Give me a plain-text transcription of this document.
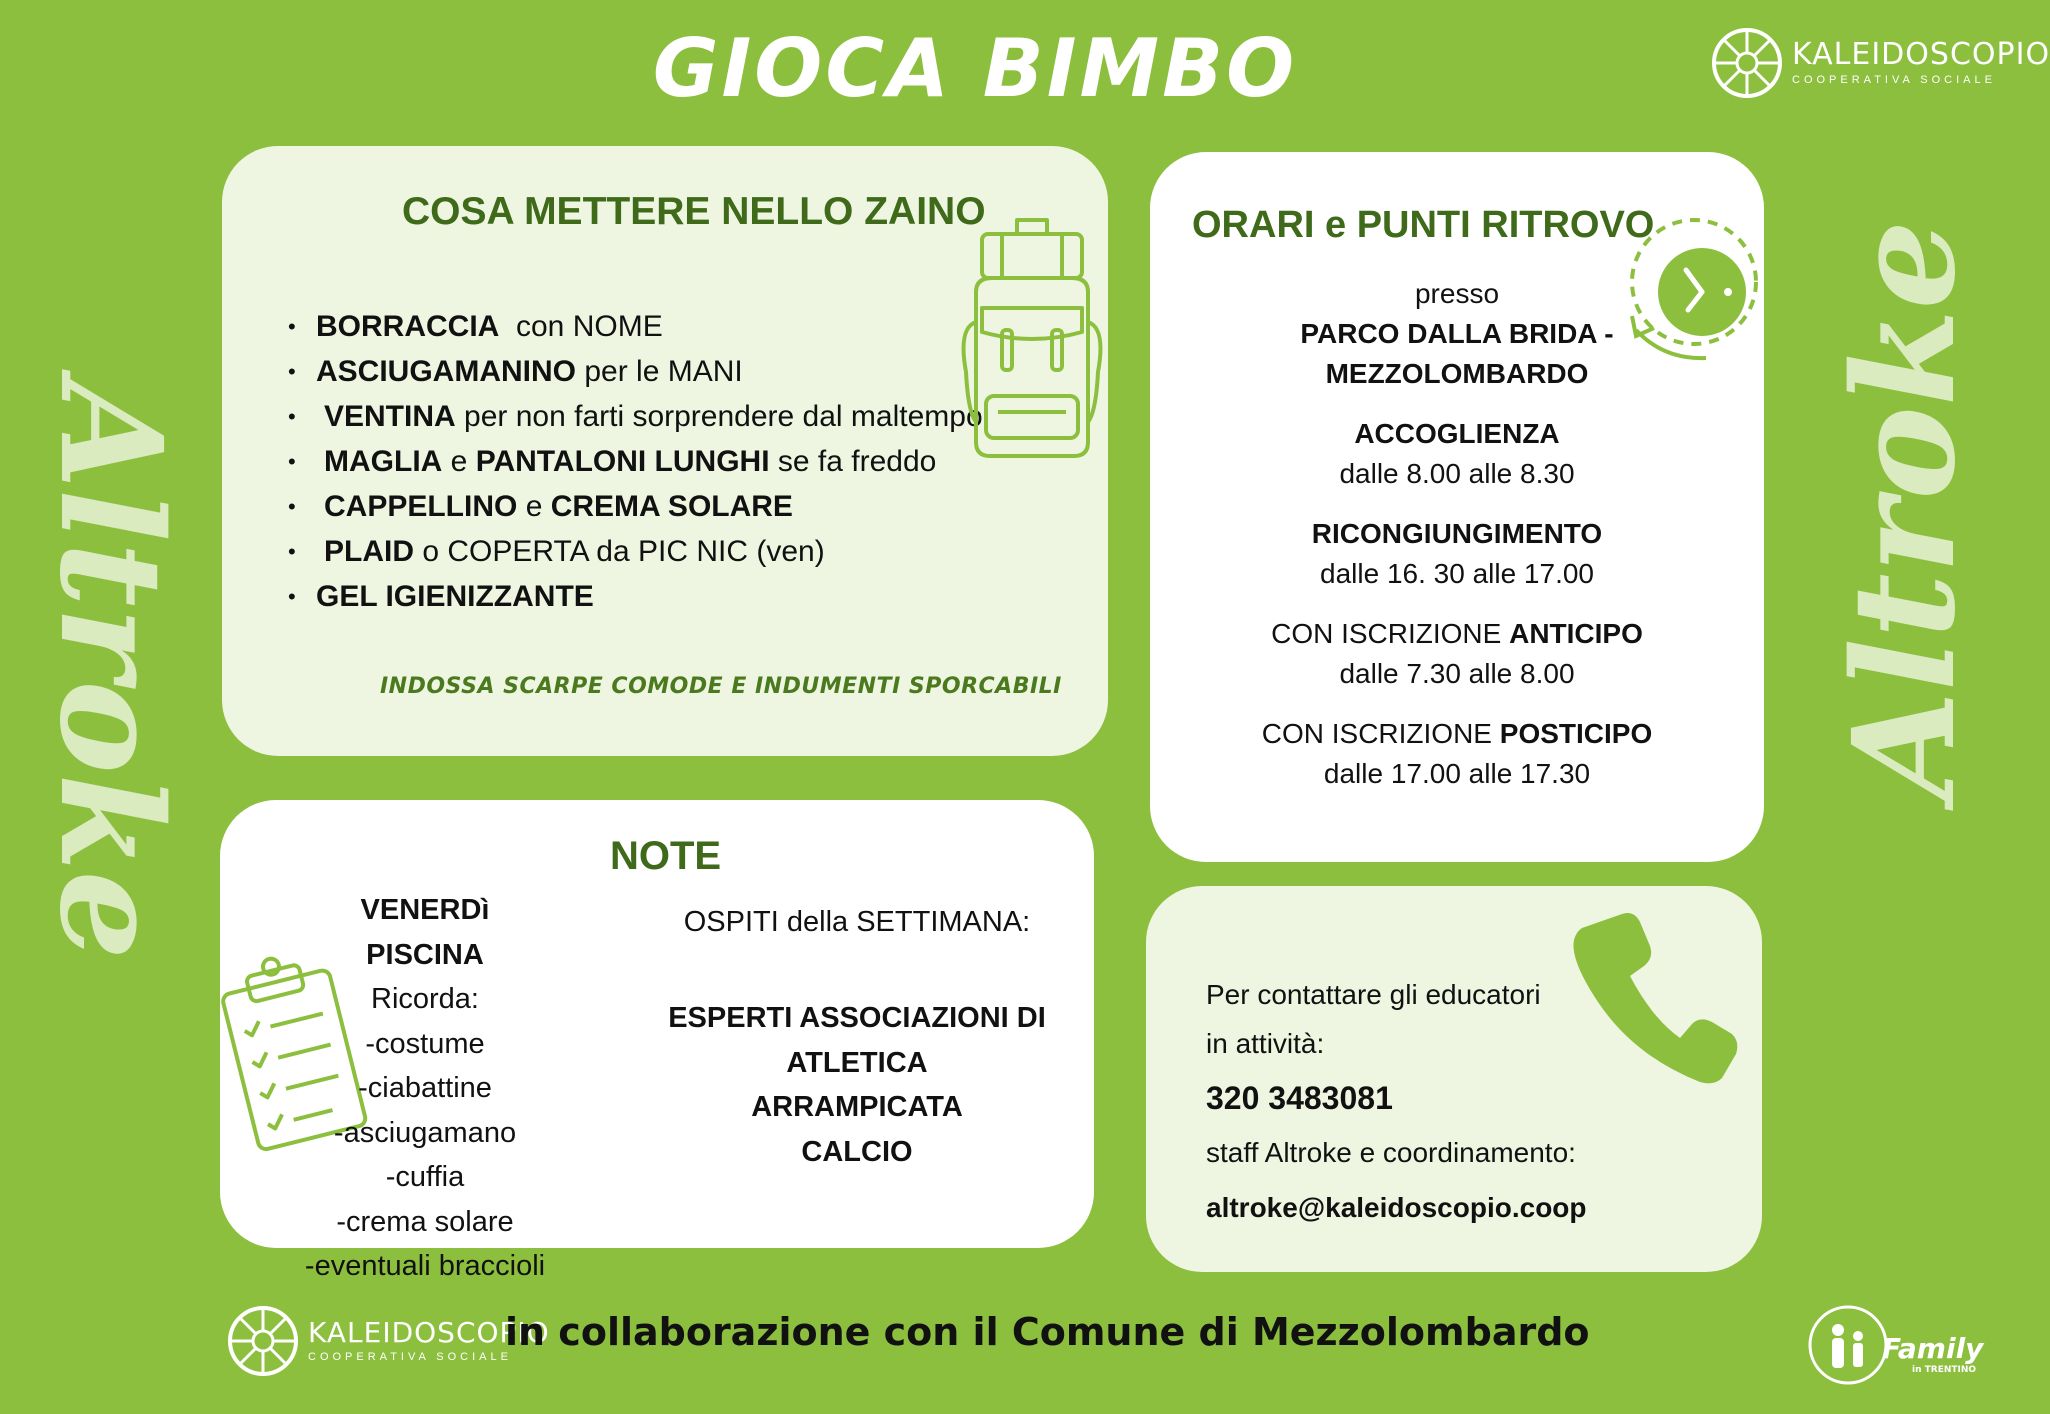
GIOCA BIMBO	KALEIDOSCOPIO
COOPERATIVA SOCIALE
Altroke	Altroke
COSA METTERE NELLO ZAINO
• BORRACCIA  con NOME
• ASCIUGAMANINO per le MANI
• VENTINA per non farti sorprendere dal maltempo
• MAGLIA e PANTALONI LUNGHI se fa freddo
• CAPPELLINO e CREMA SOLARE
• PLAID o COPERTA da PIC NIC (ven)
• GEL IGIENIZZANTE
INDOSSA SCARPE COMODE E INDUMENTI SPORCABILI
ORARI e PUNTI RITROVO
presso
PARCO DALLA BRIDA -
MEZZOLOMBARDO
ACCOGLIENZA
dalle 8.00 alle 8.30
RICONGIUNGIMENTO
dalle 16. 30 alle 17.00
CON ISCRIZIONE ANTICIPO
dalle 7.30 alle 8.00
CON ISCRIZIONE POSTICIPO
dalle 17.00 alle 17.30
NOTE
VENERDì PISCINA
Ricorda:
-costume
-ciabattine
-asciugamano
-cuffia
-crema solare
-eventuali braccioli
OSPITI della SETTIMANA:
ESPERTI ASSOCIAZIONI DI
ATLETICA
ARRAMPICATA
CALCIO
Per contattare gli educatori
in attività:
320 3483081
staff Altroke e coordinamento:
altroke@kaleidoscopio.coop
KALEIDOSCOPIO
COOPERATIVA SOCIALE
in collaborazione con il Comune di Mezzolombardo	Family
in TRENTINO
